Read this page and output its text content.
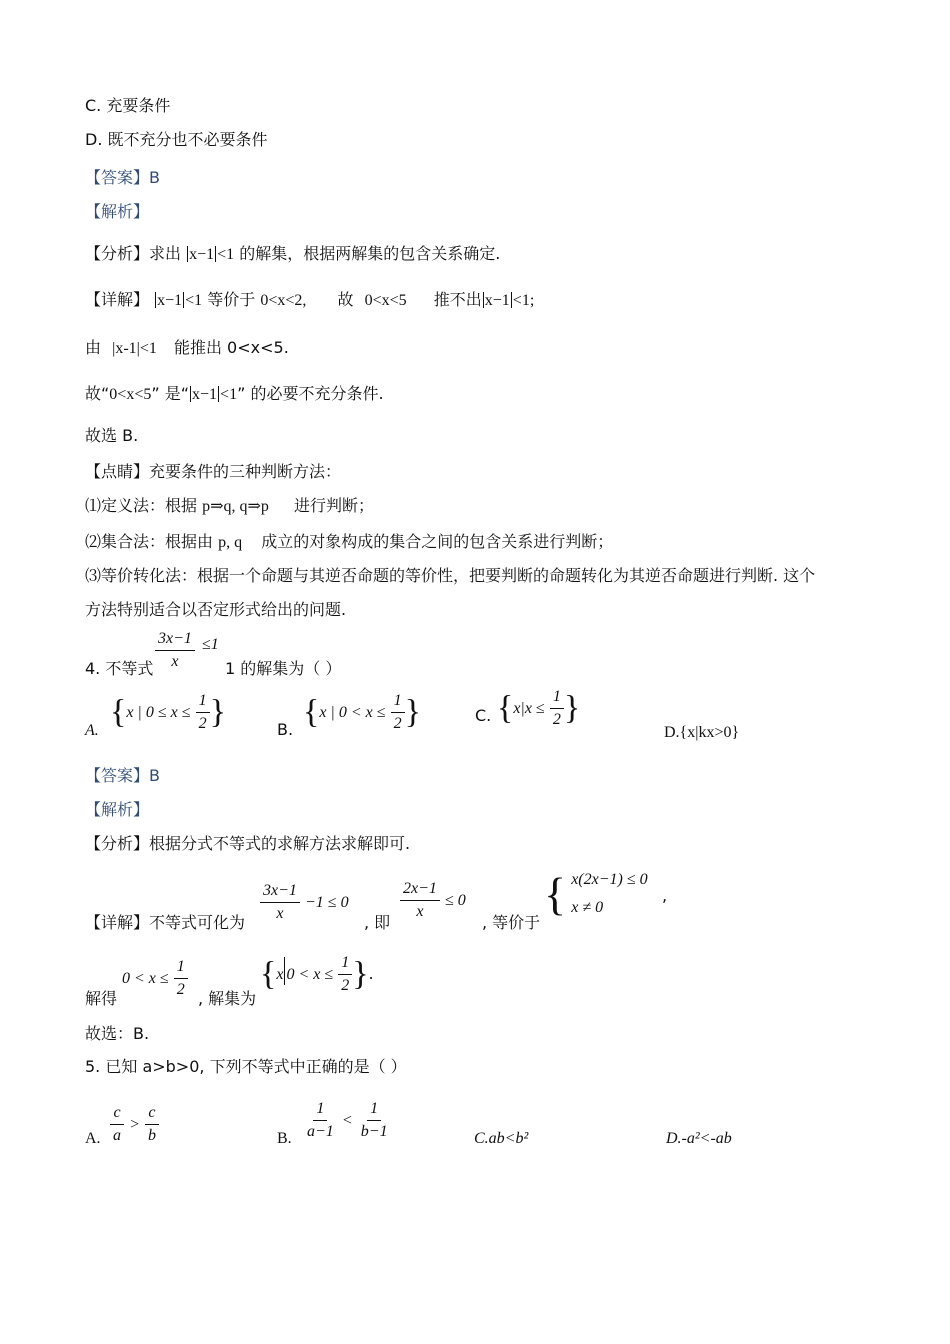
C. 充要条件
D. 既不充分也不必要条件
【答案】B
【解析】
【分析】求出 x−1 <1 的解集，根据两解集的包含关系确定.
【详解】 x−1 <1 等价于 0<x<2, 故 0<x<5 推不出 x−1 <1;
由 |x-1|<1 能推出 0<x<5.
故“0<x<5” 是“ x−1 <1” 的必要不充分条件.
故选 B.
【点睛】充要条件的三种判断方法：
⑴定义法：根据 p⇒q, q⇒p 进行判断；
⑵集合法：根据由 p, q 成立的对象构成的集合之间的包含关系进行判断；
⑶等价转化法：根据一个命题与其逆否命题的等价性，把要判断的命题转化为其逆否命题进行判断. 这个
方法特别适合以否定形式给出的问题.
4. 不等式 $\frac{3x-1}{x} \le 1$
1 的解集为（ ）
A. {x | $0 \le x \le \frac{1}{2}$ }	B. {x | $0 < x \le \frac{1}{2}$ }	C. {$x|x \le \frac{1}{2}$ }
D.{x|kx>0}
【答案】B
【解析】
【分析】根据分式不等式的求解方法求解即可.
【详解】不等式可化为 $\frac{3x-1}{x} -1 \le 0$
, 即 $\frac{2x-1}{x} \le 0$
, 等价于
{ x(2x−1) ≤ 0
x ≠ 0
,
解得
$0 < x \le \frac{1}{2}$ , 解集为
{x $0 < x \le \frac{1}{2}$ }.
故选：B.
5. 已知 a>b>0, 下列不等式中正确的是（ ）
A. $\frac{c}{a} > \frac{c}{b}$	B. $\frac{1}{a-1} < \frac{1}{b-1}$	C.ab<b²	D.-a²<-ab
